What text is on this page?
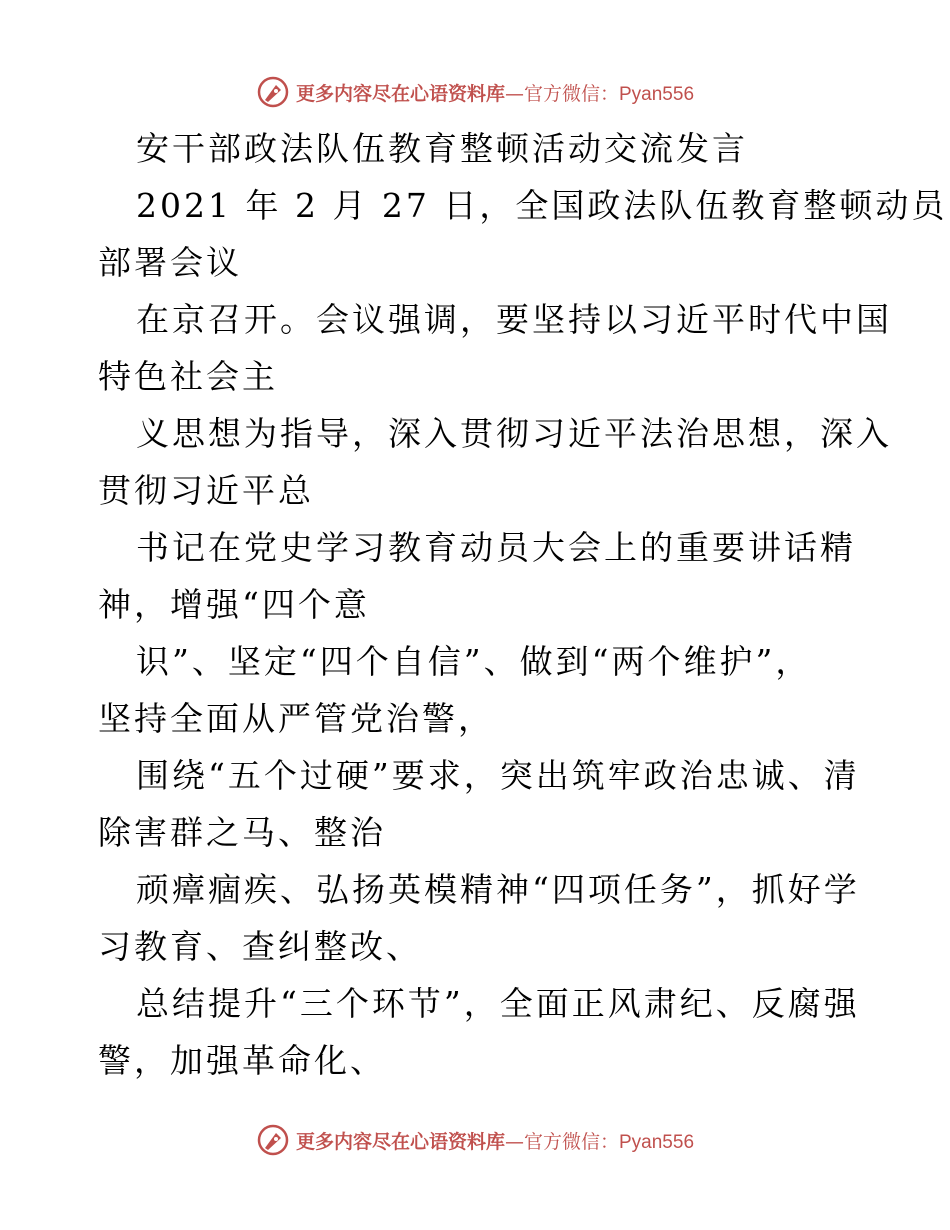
更多内容尽在心语资料库—官方微信：Pyan556
安干部政法队伍教育整顿活动交流发言
2021 年 2 月 27 日，全国政法队伍教育整顿动员
部署会议
在京召开。会议强调，要坚持以习近平时代中国
特色社会主
义思想为指导，深入贯彻习近平法治思想，深入
贯彻习近平总
书记在党史学习教育动员大会上的重要讲话精
神，增强“四个意
识”、坚定“四个自信”、做到“两个维护”，
坚持全面从严管党治警，
围绕“五个过硬”要求，突出筑牢政治忠诚、清
除害群之马、整治
顽瘴痼疾、弘扬英模精神“四项任务”，抓好学
习教育、查纠整改、
总结提升“三个环节”，全面正风肃纪、反腐强
警，加强革命化、
更多内容尽在心语资料库—官方微信：Pyan556
